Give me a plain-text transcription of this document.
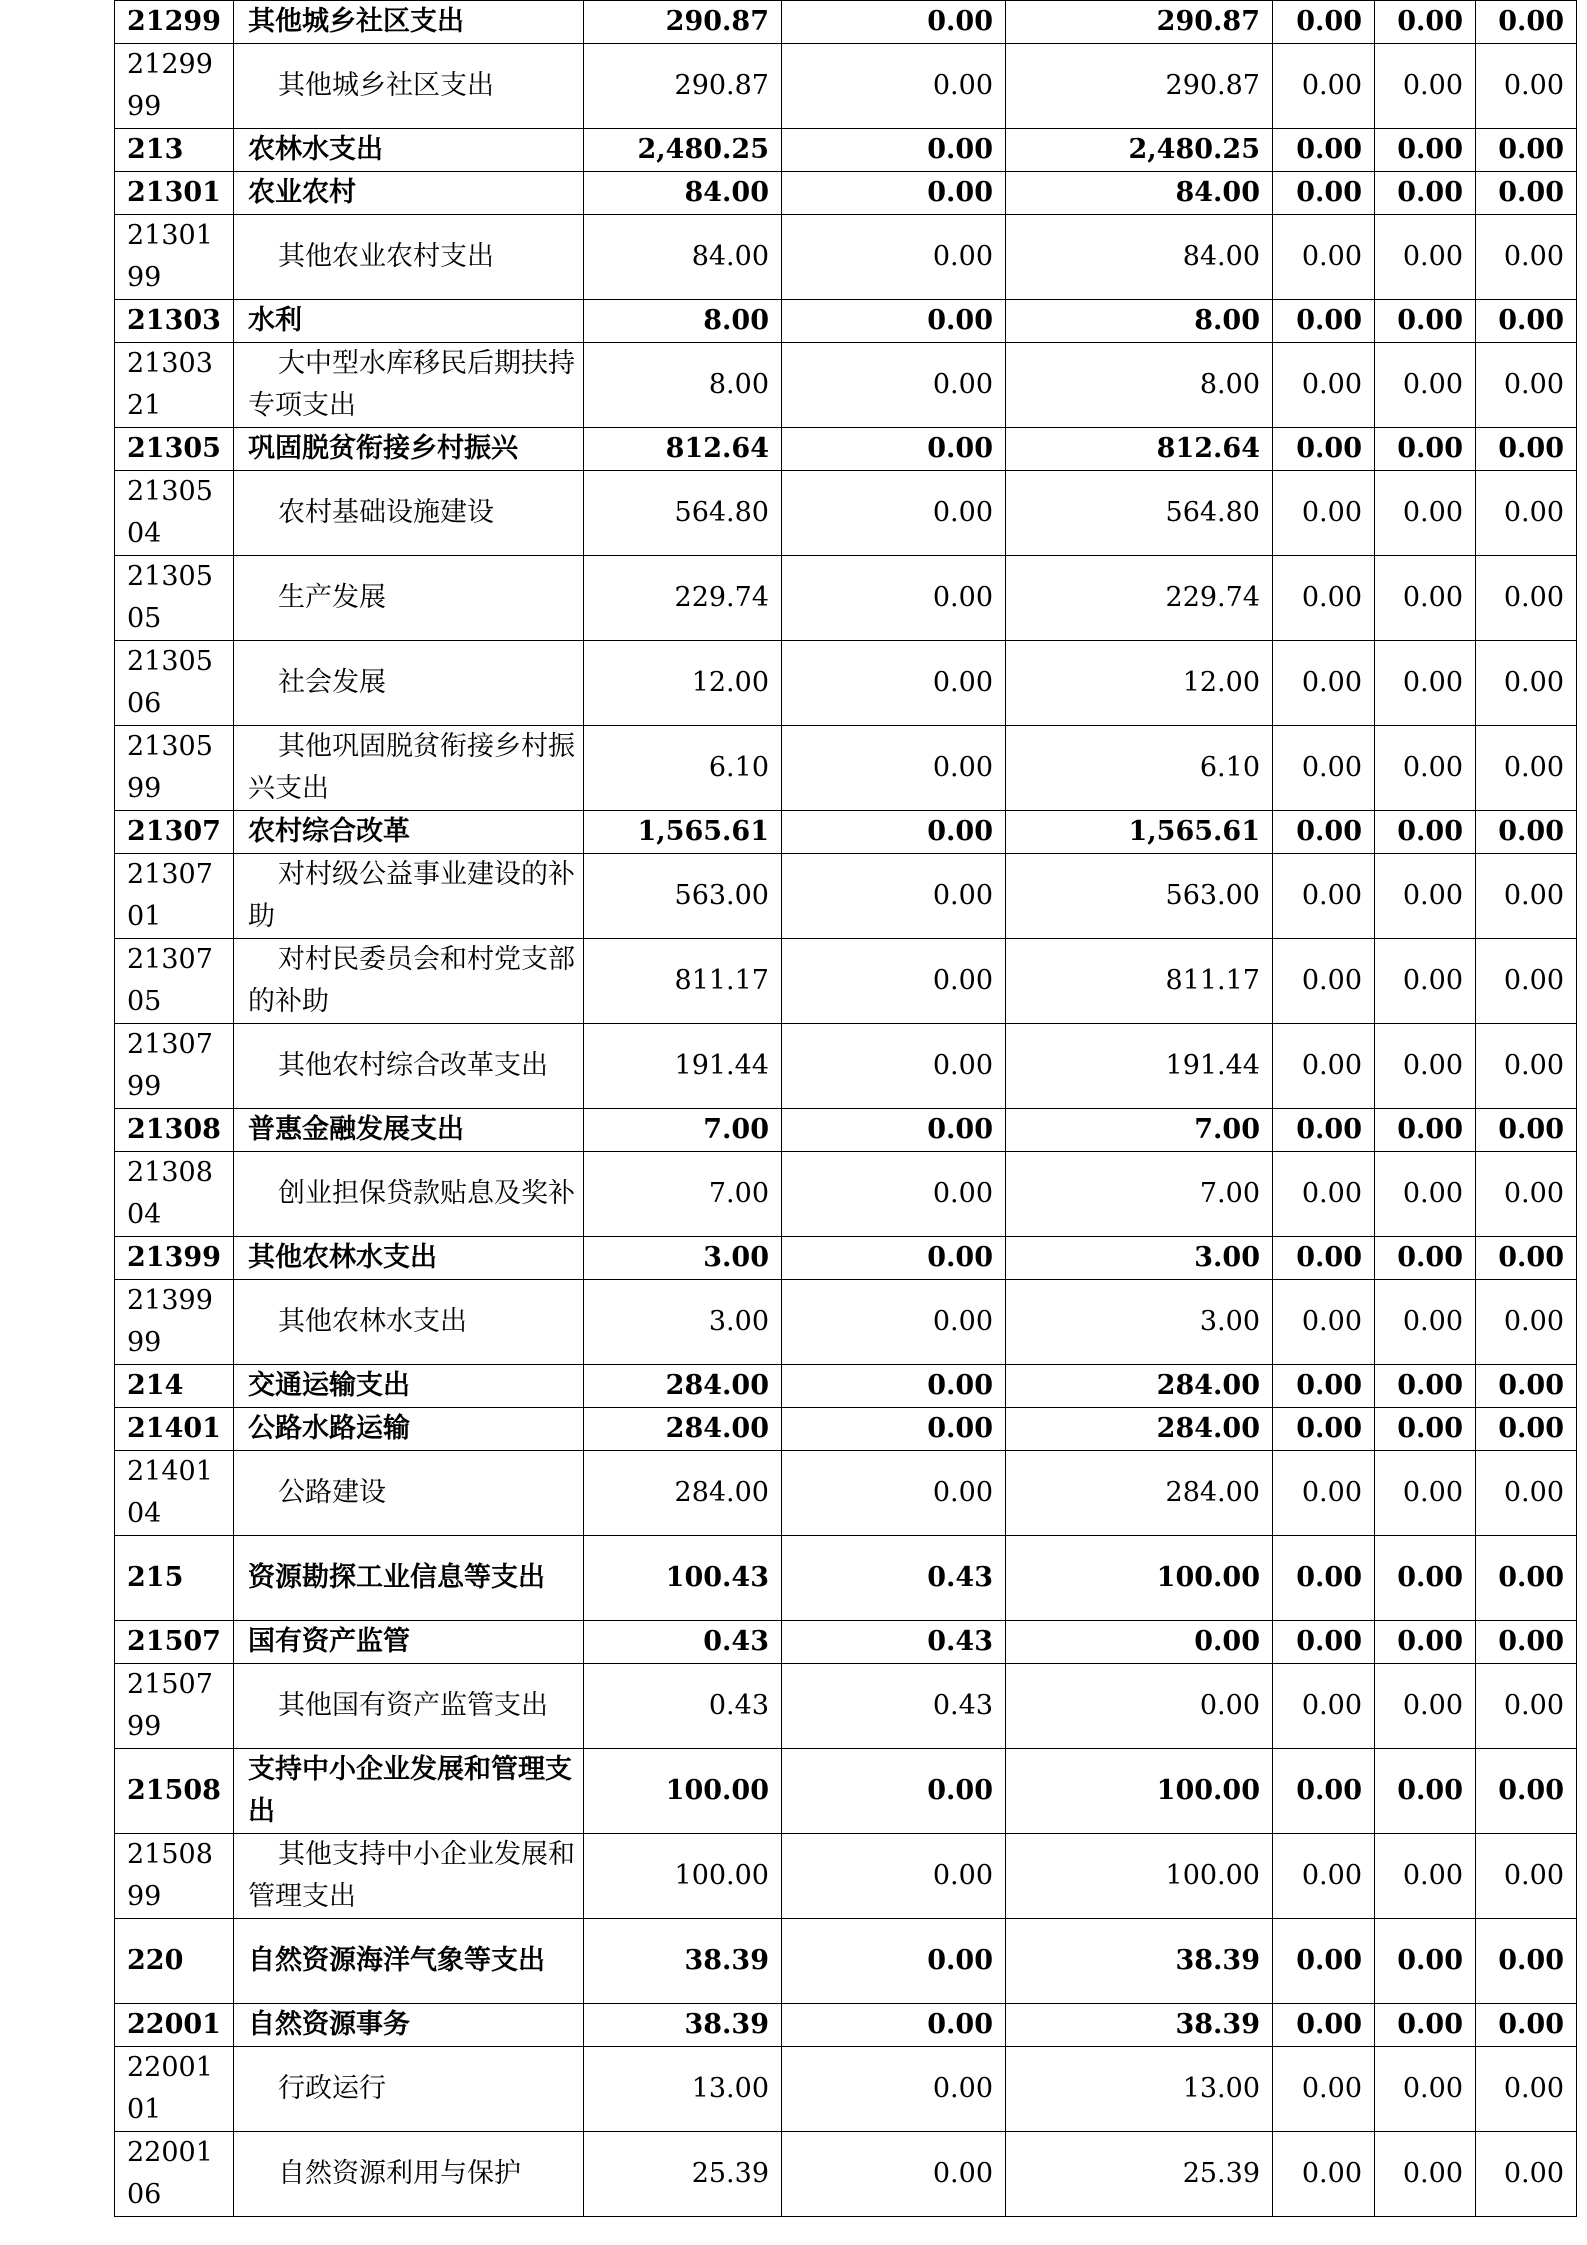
21299	其他城乡社区支出	290.87	0.00	290.87	0.00	0.00	0.00
2129999	其他城乡社区支出	290.87	0.00	290.87	0.00	0.00	0.00
213	农林水支出	2,480.25	0.00	2,480.25	0.00	0.00	0.00
21301	农业农村	84.00	0.00	84.00	0.00	0.00	0.00
2130199	其他农业农村支出	84.00	0.00	84.00	0.00	0.00	0.00
21303	水利	8.00	0.00	8.00	0.00	0.00	0.00
2130321	大中型水库移民后期扶持专项支出	8.00	0.00	8.00	0.00	0.00	0.00
21305	巩固脱贫衔接乡村振兴	812.64	0.00	812.64	0.00	0.00	0.00
2130504	农村基础设施建设	564.80	0.00	564.80	0.00	0.00	0.00
2130505	生产发展	229.74	0.00	229.74	0.00	0.00	0.00
2130506	社会发展	12.00	0.00	12.00	0.00	0.00	0.00
2130599	其他巩固脱贫衔接乡村振兴支出	6.10	0.00	6.10	0.00	0.00	0.00
21307	农村综合改革	1,565.61	0.00	1,565.61	0.00	0.00	0.00
2130701	对村级公益事业建设的补助	563.00	0.00	563.00	0.00	0.00	0.00
2130705	对村民委员会和村党支部的补助	811.17	0.00	811.17	0.00	0.00	0.00
2130799	其他农村综合改革支出	191.44	0.00	191.44	0.00	0.00	0.00
21308	普惠金融发展支出	7.00	0.00	7.00	0.00	0.00	0.00
2130804	创业担保贷款贴息及奖补	7.00	0.00	7.00	0.00	0.00	0.00
21399	其他农林水支出	3.00	0.00	3.00	0.00	0.00	0.00
2139999	其他农林水支出	3.00	0.00	3.00	0.00	0.00	0.00
214	交通运输支出	284.00	0.00	284.00	0.00	0.00	0.00
21401	公路水路运输	284.00	0.00	284.00	0.00	0.00	0.00
2140104	公路建设	284.00	0.00	284.00	0.00	0.00	0.00
215	资源勘探工业信息等支出	100.43	0.43	100.00	0.00	0.00	0.00
21507	国有资产监管	0.43	0.43	0.00	0.00	0.00	0.00
2150799	其他国有资产监管支出	0.43	0.43	0.00	0.00	0.00	0.00
21508	支持中小企业发展和管理支出	100.00	0.00	100.00	0.00	0.00	0.00
2150899	其他支持中小企业发展和管理支出	100.00	0.00	100.00	0.00	0.00	0.00
220	自然资源海洋气象等支出	38.39	0.00	38.39	0.00	0.00	0.00
22001	自然资源事务	38.39	0.00	38.39	0.00	0.00	0.00
2200101	行政运行	13.00	0.00	13.00	0.00	0.00	0.00
2200106	自然资源利用与保护	25.39	0.00	25.39	0.00	0.00	0.00
